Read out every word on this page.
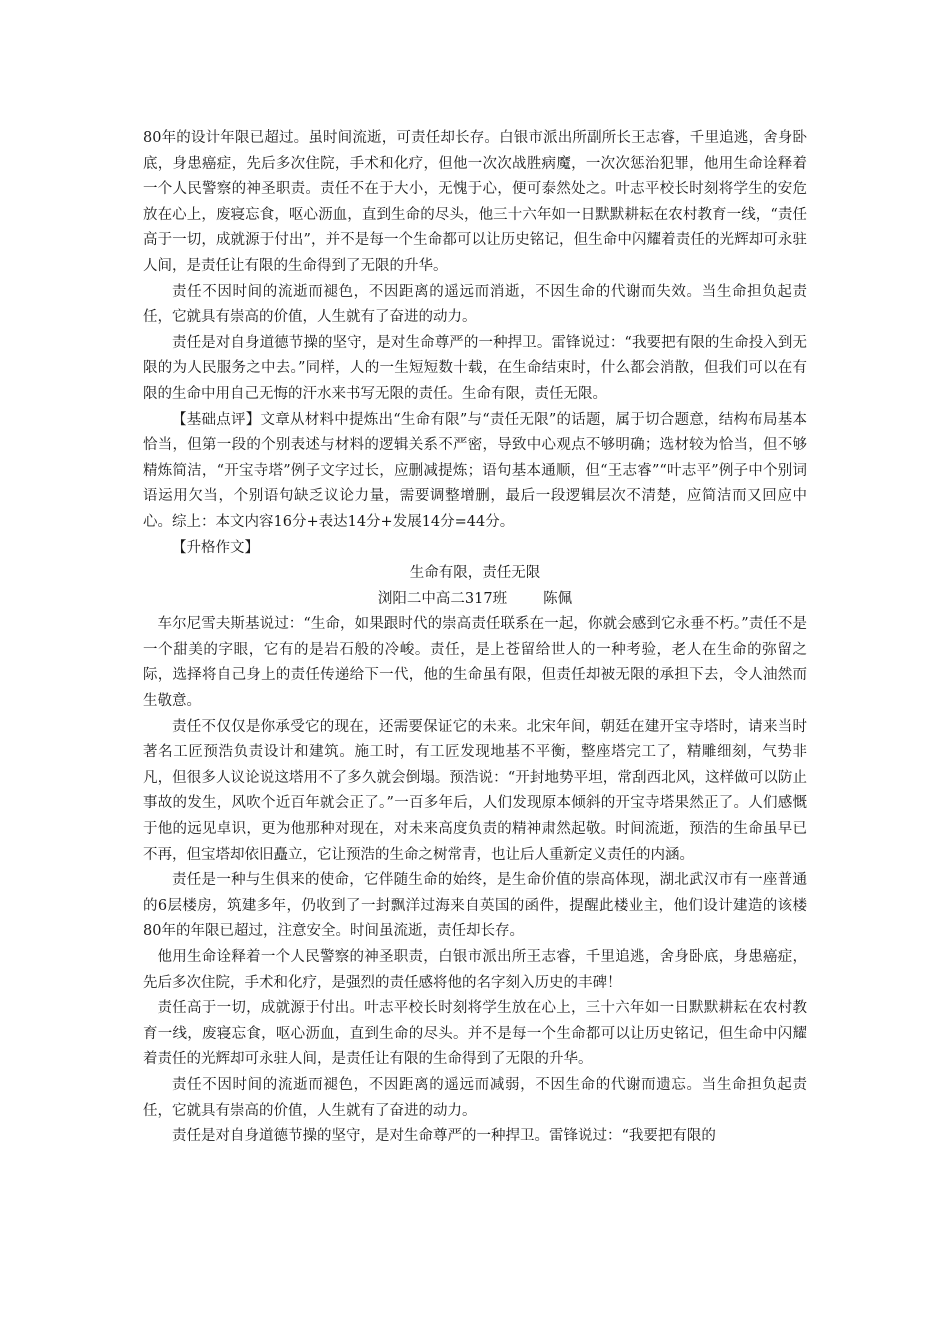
80年的设计年限已超过。虽时间流逝，可责任却长存。白银市派出所副所长王志睿，千里追逃，舍身卧底，身患癌症，先后多次住院，手术和化疗，但他一次次战胜病魔，一次次惩治犯罪，他用生命诠释着一个人民警察的神圣职责。责任不在于大小，无愧于心，便可泰然处之。叶志平校长时刻将学生的安危放在心上，废寝忘食，呕心沥血，直到生命的尽头，他三十六年如一日默默耕耘在农村教育一线，“责任高于一切，成就源于付出”，并不是每一个生命都可以让历史铭记，但生命中闪耀着责任的光辉却可永驻人间，是责任让有限的生命得到了无限的升华。

责任不因时间的流逝而褪色，不因距离的遥远而消逝，不因生命的代谢而失效。当生命担负起责任，它就具有崇高的价值，人生就有了奋进的动力。

责任是对自身道德节操的坚守，是对生命尊严的一种捍卫。雷锋说过：“我要把有限的生命投入到无限的为人民服务之中去。”同样，人的一生短短数十载，在生命结束时，什么都会消散，但我们可以在有限的生命中用自己无悔的汗水来书写无限的责任。生命有限，责任无限。

【基础点评】文章从材料中提炼出“生命有限”与“责任无限”的话题，属于切合题意，结构布局基本恰当，但第一段的个别表述与材料的逻辑关系不严密，导致中心观点不够明确；选材较为恰当，但不够精炼简洁，“开宝寺塔”例子文字过长，应删减提炼；语句基本通顺，但“王志睿”“叶志平”例子中个别词语运用欠当，个别语句缺乏议论力量，需要调整增删，最后一段逻辑层次不清楚，应简洁而又回应中心。综上：本文内容16分+表达14分+发展14分=44分。

【升格作文】

生命有限，责任无限

浏阳二中高二317班 陈佩

车尔尼雪夫斯基说过：“生命，如果跟时代的崇高责任联系在一起，你就会感到它永垂不朽。”责任不是一个甜美的字眼，它有的是岩石般的冷峻。责任，是上苍留给世人的一种考验，老人在生命的弥留之际，选择将自己身上的责任传递给下一代，他的生命虽有限，但责任却被无限的承担下去，令人油然而生敬意。

责任不仅仅是你承受它的现在，还需要保证它的未来。北宋年间，朝廷在建开宝寺塔时，请来当时著名工匠预浩负责设计和建筑。施工时，有工匠发现地基不平衡，整座塔完工了，精雕细刻，气势非凡，但很多人议论说这塔用不了多久就会倒塌。预浩说：“开封地势平坦，常刮西北风，这样做可以防止事故的发生，风吹个近百年就会正了。”一百多年后，人们发现原本倾斜的开宝寺塔果然正了。人们感慨于他的远见卓识，更为他那种对现在，对未来高度负责的精神肃然起敬。时间流逝，预浩的生命虽早已不再，但宝塔却依旧矗立，它让预浩的生命之树常青，也让后人重新定义责任的内涵。

责任是一种与生俱来的使命，它伴随生命的始终，是生命价值的崇高体现，湖北武汉市有一座普通的6层楼房，筑建多年，仍收到了一封飘洋过海来自英国的函件，提醒此楼业主，他们设计建造的该楼80年的年限已超过，注意安全。时间虽流逝，责任却长存。

他用生命诠释着一个人民警察的神圣职责，白银市派出所王志睿，千里追逃，舍身卧底，身患癌症，先后多次住院，手术和化疗，是强烈的责任感将他的名字刻入历史的丰碑！

责任高于一切，成就源于付出。叶志平校长时刻将学生放在心上，三十六年如一日默默耕耘在农村教育一线，废寝忘食，呕心沥血，直到生命的尽头。并不是每一个生命都可以让历史铭记，但生命中闪耀着责任的光辉却可永驻人间，是责任让有限的生命得到了无限的升华。

责任不因时间的流逝而褪色，不因距离的遥远而减弱，不因生命的代谢而遗忘。当生命担负起责任，它就具有崇高的价值，人生就有了奋进的动力。

责任是对自身道德节操的坚守，是对生命尊严的一种捍卫。雷锋说过：“我要把有限的
